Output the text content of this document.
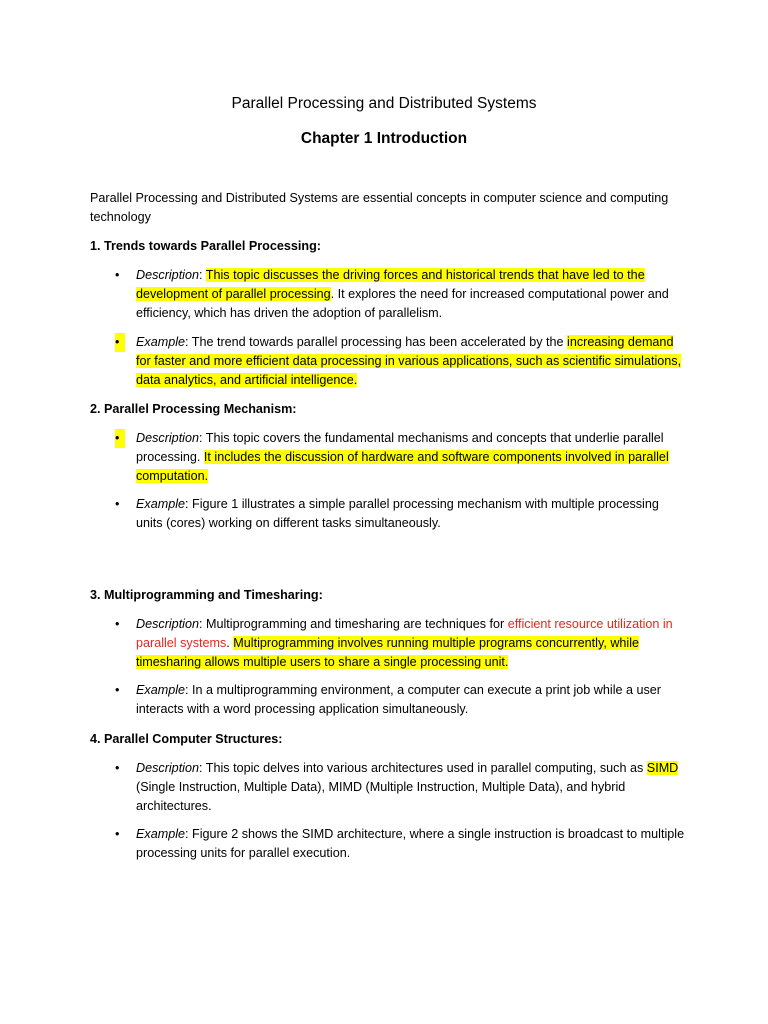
Parallel Processing and Distributed Systems
Chapter 1 Introduction

Parallel Processing and Distributed Systems are essential concepts in computer science and computing technology

1. Trends towards Parallel Processing:

•	Description: This topic discusses the driving forces and historical trends that have led to the development of parallel processing. It explores the need for increased computational power and efficiency, which has driven the adoption of parallelism.
•	Example: The trend towards parallel processing has been accelerated by the increasing demand for faster and more efficient data processing in various applications, such as scientific simulations, data analytics, and artificial intelligence.

2. Parallel Processing Mechanism:

•	Description: This topic covers the fundamental mechanisms and concepts that underlie parallel processing. It includes the discussion of hardware and software components involved in parallel computation.
•	Example: Figure 1 illustrates a simple parallel processing mechanism with multiple processing units (cores) working on different tasks simultaneously.

3. Multiprogramming and Timesharing:

•	Description: Multiprogramming and timesharing are techniques for efficient resource utilization in parallel systems. Multiprogramming involves running multiple programs concurrently, while timesharing allows multiple users to share a single processing unit.
•	Example: In a multiprogramming environment, a computer can execute a print job while a user interacts with a word processing application simultaneously.

4. Parallel Computer Structures:

•	Description: This topic delves into various architectures used in parallel computing, such as SIMD (Single Instruction, Multiple Data), MIMD (Multiple Instruction, Multiple Data), and hybrid architectures.
•	Example: Figure 2 shows the SIMD architecture, where a single instruction is broadcast to multiple processing units for parallel execution.
